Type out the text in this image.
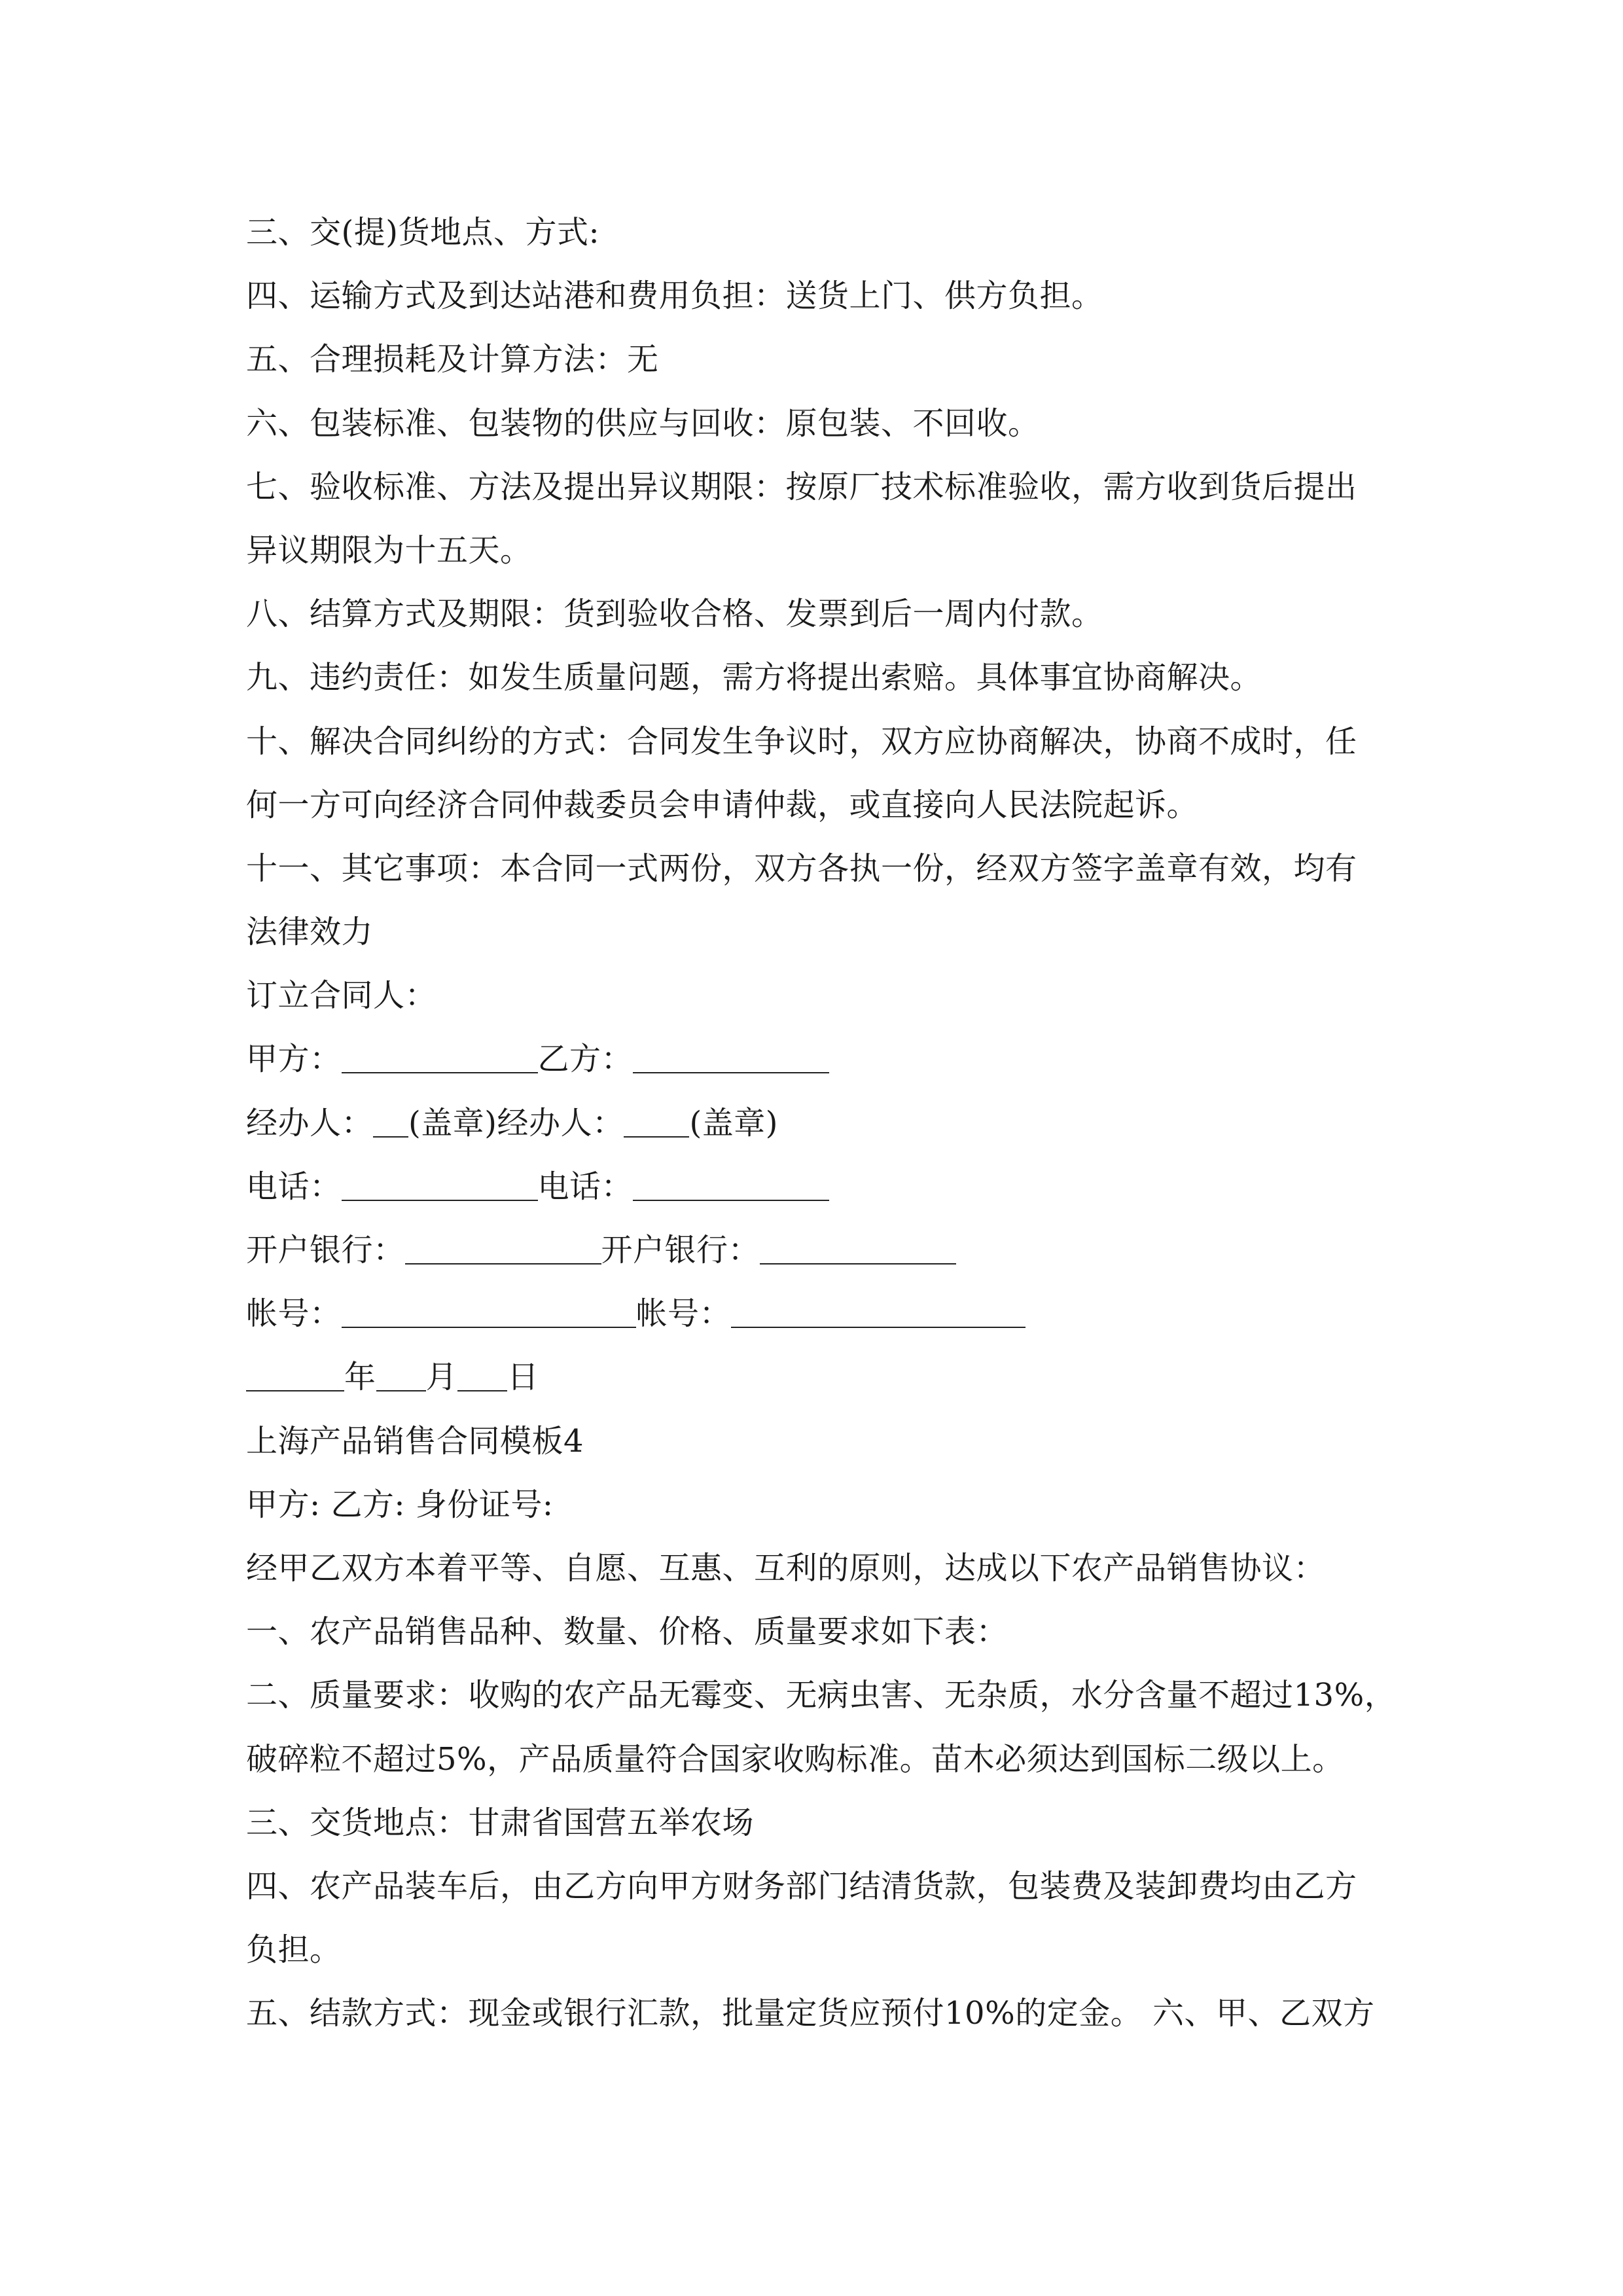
三、交(提)货地点、方式:
四、运输方式及到达站港和费用负担：送货上门、供方负担。
五、合理损耗及计算方法：无
六、包装标准、包装物的供应与回收：原包装、不回收。
七、验收标准、方法及提出异议期限：按原厂技术标准验收，需方收到货后提出
异议期限为十五天。
八、结算方式及期限：货到验收合格、发票到后一周内付款。
九、违约责任：如发生质量问题，需方将提出索赔。具体事宜协商解决。
十、解决合同纠纷的方式：合同发生争议时，双方应协商解决，协商不成时，任
何一方可向经济合同仲裁委员会申请仲裁，或直接向人民法院起诉。
十一、其它事项：本合同一式两份，双方各执一份，经双方签字盖章有效，均有
法律效力
订立合同人：
甲方：	乙方：
经办人： (盖章)经办人： (盖章)
电话：	电话：
开户银行：	开户银行：
帐号：	帐号：
年 月 日
上海产品销售合同模板4
甲方: 乙方: 身份证号:
经甲乙双方本着平等、自愿、互惠、互利的原则，达成以下农产品销售协议：
一、农产品销售品种、数量、价格、质量要求如下表：
二、质量要求：收购的农产品无霉变、无病虫害、无杂质，水分含量不超过13%，
破碎粒不超过5%，产品质量符合国家收购标准。苗木必须达到国标二级以上。
三、交货地点：甘肃省国营五举农场
四、农产品装车后，由乙方向甲方财务部门结清货款，包装费及装卸费均由乙方
负担。
五、结款方式：现金或银行汇款，批量定货应预付10%的定金。 六、甲、乙双方
